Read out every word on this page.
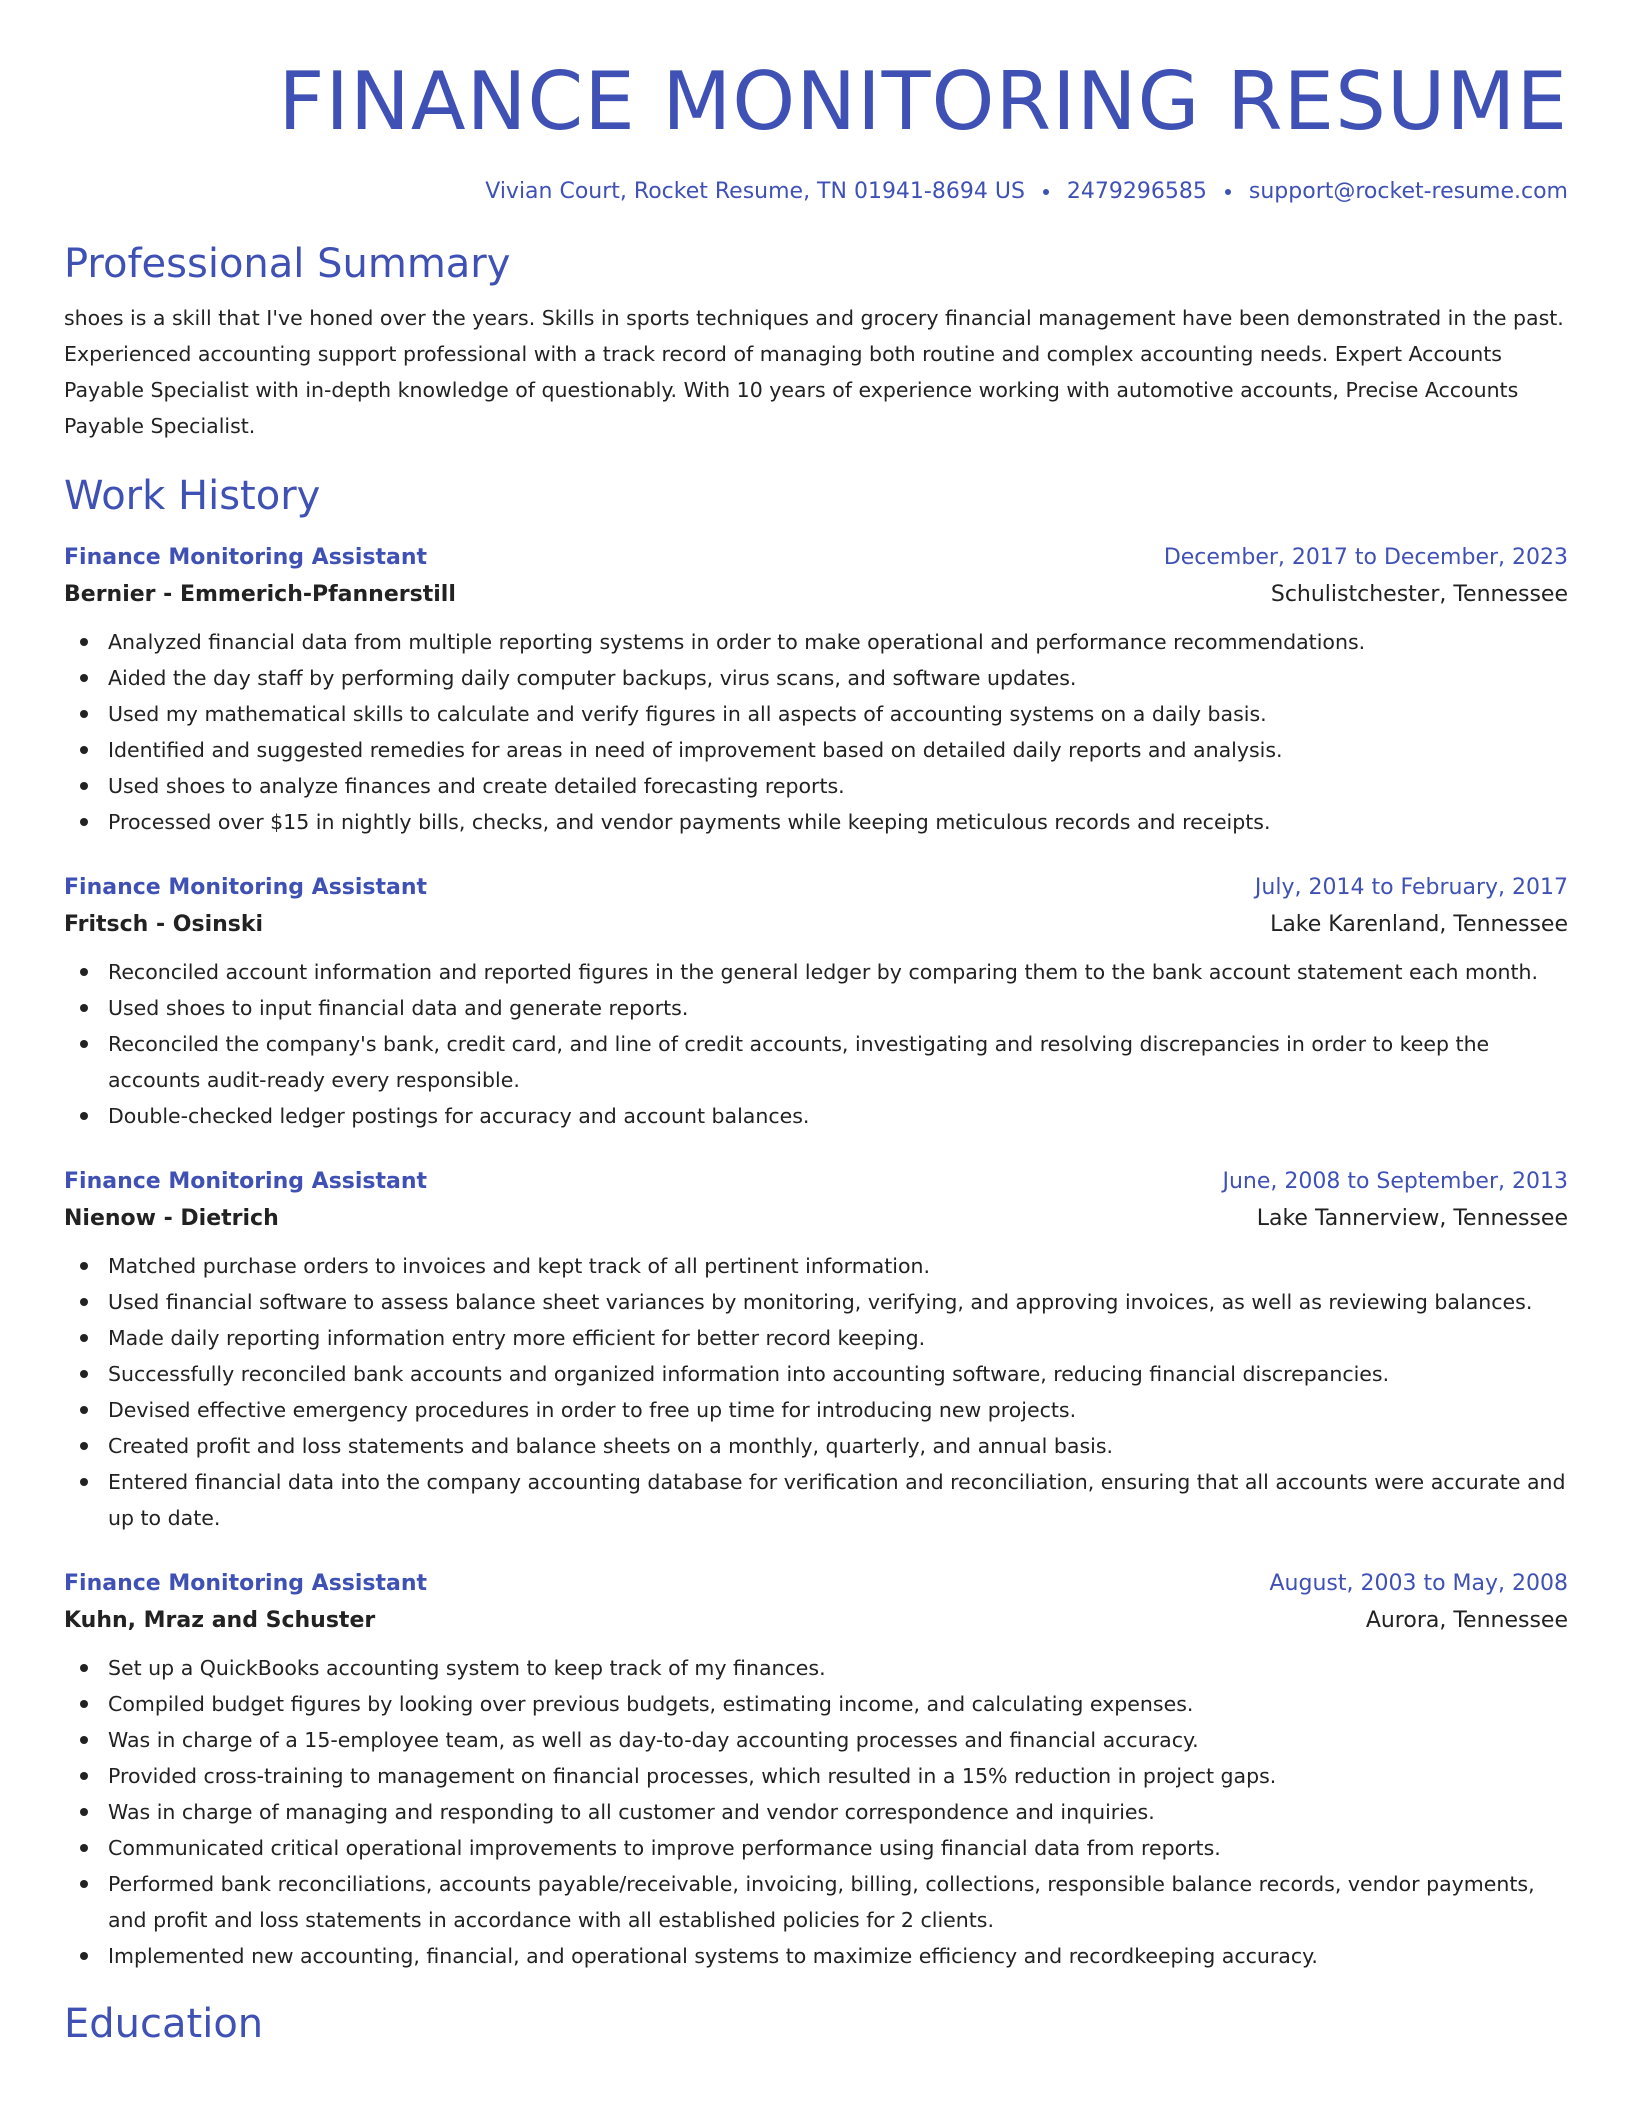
FINANCE MONITORING RESUME
Vivian Court, Rocket Resume, TN 01941-8694 US 2479296585 support@rocket-resume.com
Professional Summary

shoes is a skill that I've honed over the years. Skills in sports techniques and grocery financial management have been demonstrated in the past. Experienced accounting support professional with a track record of managing both routine and complex accounting needs. Expert Accounts Payable Specialist with in-depth knowledge of questionably. With 10 years of experience working with automotive accounts, Precise Accounts Payable Specialist.

Work History
Finance Monitoring Assistant	December, 2017 to December, 2023
Bernier - Emmerich-Pfannerstill	Schulistchester, Tennessee
Analyzed financial data from multiple reporting systems in order to make operational and performance recommendations.
Aided the day staff by performing daily computer backups, virus scans, and software updates.
Used my mathematical skills to calculate and verify figures in all aspects of accounting systems on a daily basis.
Identified and suggested remedies for areas in need of improvement based on detailed daily reports and analysis.
Used shoes to analyze finances and create detailed forecasting reports.
Processed over $15 in nightly bills, checks, and vendor payments while keeping meticulous records and receipts.
Finance Monitoring Assistant	July, 2014 to February, 2017
Fritsch - Osinski	Lake Karenland, Tennessee
Reconciled account information and reported figures in the general ledger by comparing them to the bank account statement each month.
Used shoes to input financial data and generate reports.
Reconciled the company's bank, credit card, and line of credit accounts, investigating and resolving discrepancies in order to keep the accounts audit-ready every responsible.
Double-checked ledger postings for accuracy and account balances.
Finance Monitoring Assistant	June, 2008 to September, 2013
Nienow - Dietrich	Lake Tannerview, Tennessee
Matched purchase orders to invoices and kept track of all pertinent information.
Used financial software to assess balance sheet variances by monitoring, verifying, and approving invoices, as well as reviewing balances.
Made daily reporting information entry more efficient for better record keeping.
Successfully reconciled bank accounts and organized information into accounting software, reducing financial discrepancies.
Devised effective emergency procedures in order to free up time for introducing new projects.
Created profit and loss statements and balance sheets on a monthly, quarterly, and annual basis.
Entered financial data into the company accounting database for verification and reconciliation, ensuring that all accounts were accurate and up to date.
Finance Monitoring Assistant	August, 2003 to May, 2008
Kuhn, Mraz and Schuster	Aurora, Tennessee
Set up a QuickBooks accounting system to keep track of my finances.
Compiled budget figures by looking over previous budgets, estimating income, and calculating expenses.
Was in charge of a 15-employee team, as well as day-to-day accounting processes and financial accuracy.
Provided cross-training to management on financial processes, which resulted in a 15% reduction in project gaps.
Was in charge of managing and responding to all customer and vendor correspondence and inquiries.
Communicated critical operational improvements to improve performance using financial data from reports.
Performed bank reconciliations, accounts payable/receivable, invoicing, billing, collections, responsible balance records, vendor payments, and profit and loss statements in accordance with all established policies for 2 clients.
Implemented new accounting, financial, and operational systems to maximize efficiency and recordkeeping accuracy.
Education
